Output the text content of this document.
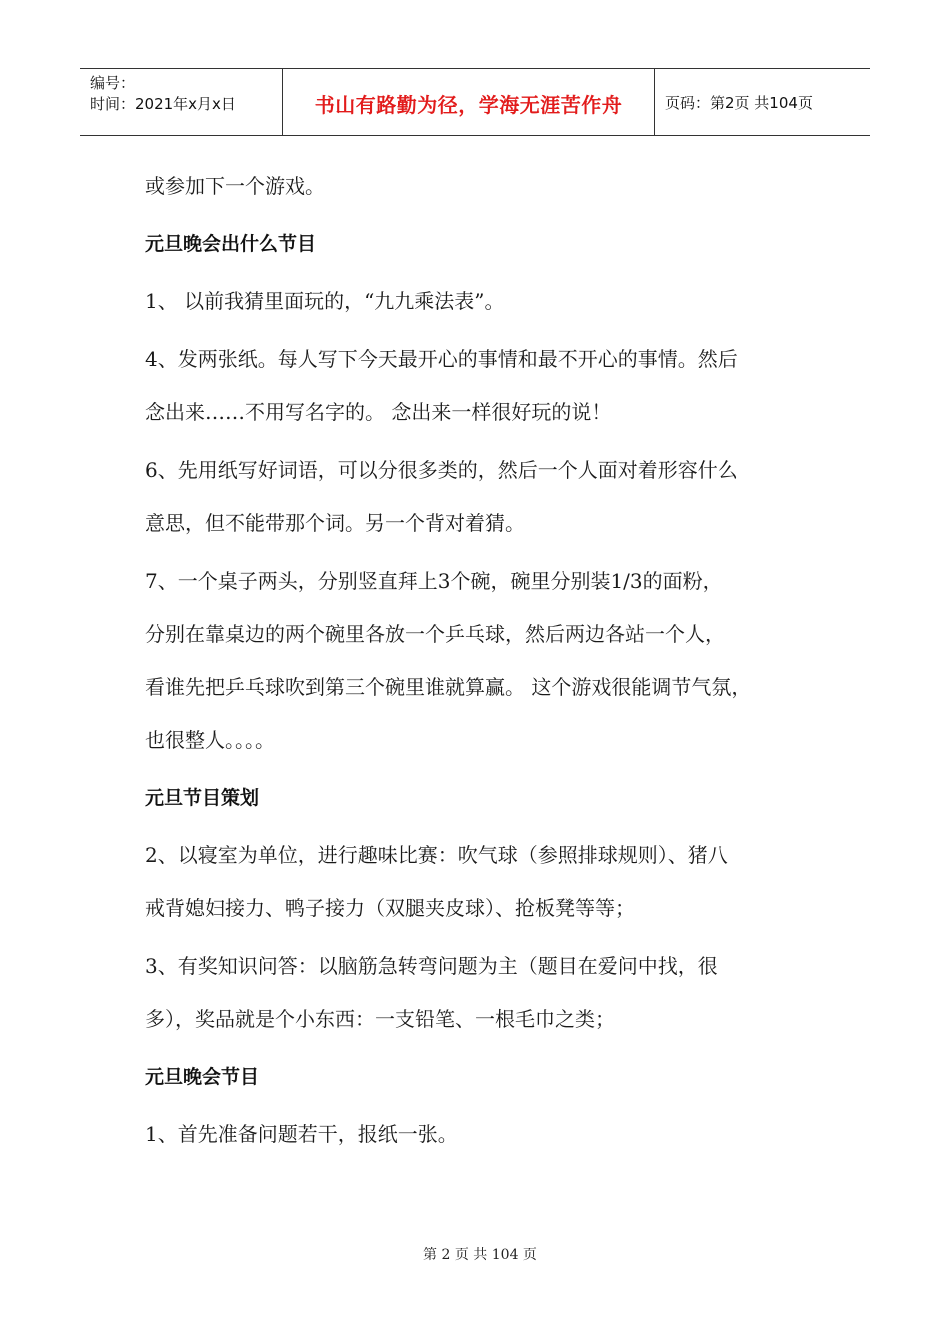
编号：
时间：2021年x月x日	书山有路勤为径，学海无涯苦作舟	页码：第2页 共104页

或参加下一个游戏。

元旦晚会出什么节目

1、 以前我猜里面玩的，“九九乘法表”。

4、发两张纸。每人写下今天最开心的事情和最不开心的事情。然后
念出来……不用写名字的。 念出来一样很好玩的说！

6、先用纸写好词语，可以分很多类的，然后一个人面对着形容什么
意思，但不能带那个词。另一个背对着猜。

7、一个桌子两头，分别竖直拜上3个碗，碗里分别装1/3的面粉，
分别在靠桌边的两个碗里各放一个乒乓球，然后两边各站一个人，
看谁先把乒乓球吹到第三个碗里谁就算赢。 这个游戏很能调节气氛，
也很整人。。。。

元旦节目策划

2、以寝室为单位，进行趣味比赛：吹气球（参照排球规则）、猪八
戒背媳妇接力、鸭子接力（双腿夹皮球）、抢板凳等等；

3、有奖知识问答：以脑筋急转弯问题为主（题目在爱问中找，很
多），奖品就是个小东西：一支铅笔、一根毛巾之类；

元旦晚会节目

1、首先准备问题若干，报纸一张。

第 2 页 共 104 页
